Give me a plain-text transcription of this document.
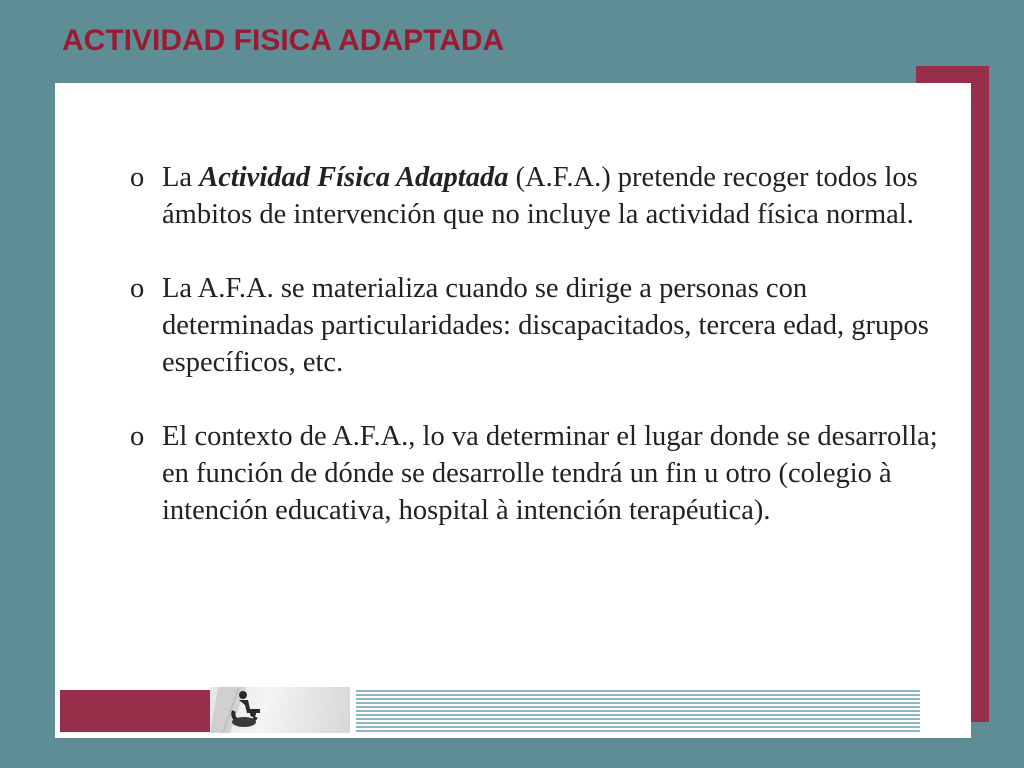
ACTIVIDAD FISICA ADAPTADA
o La Actividad Física Adaptada (A.F.A.) pretende recoger todos los ámbitos de intervención que no incluye la actividad física normal.
o La A.F.A. se materializa cuando se dirige a personas con determinadas particularidades: discapacitados, tercera edad, grupos específicos, etc.
o El contexto de A.F.A., lo va determinar el lugar donde se desarrolla; en función de dónde se desarrolle tendrá un fin u otro (colegio à intención educativa, hospital à intención terapéutica).
